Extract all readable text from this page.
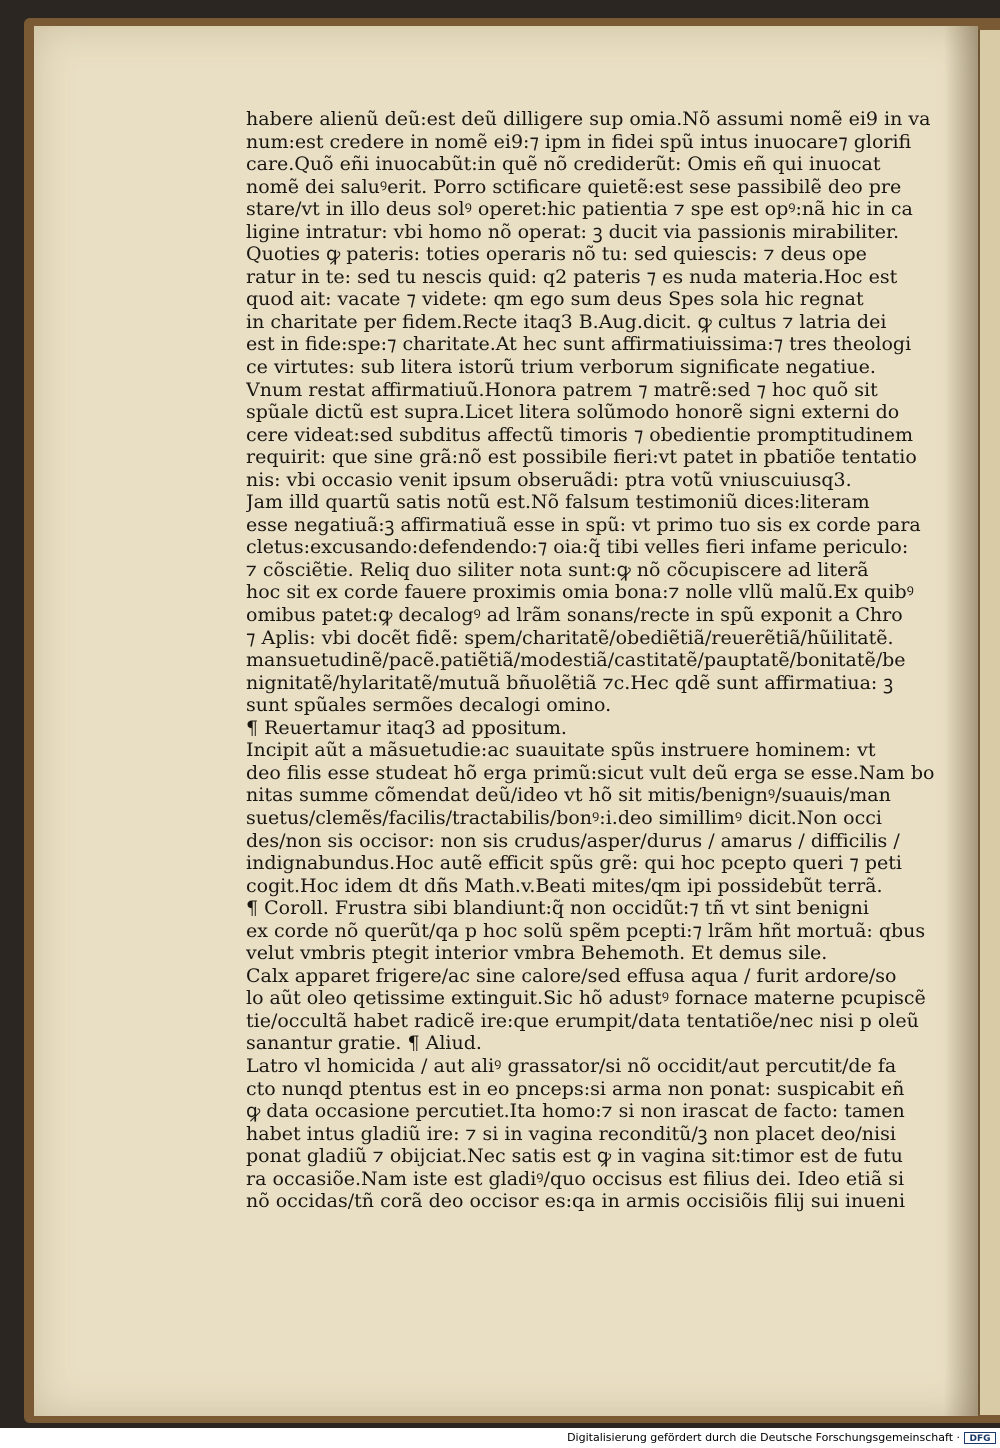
habere alienũ deũ:est deũ dilligere sup omia.Nõ assumi nomẽ ei9 in va
num:est credere in nomẽ ei9:⁊ ipm in fidei spũ intus inuocare⁊ glorifi
care.Quõ eñi inuocabũt:in quẽ nõ crediderũt: Omis eñ qui inuocat
nomẽ dei saluꝰerit. Porro sctificare quietẽ:est sese passibilẽ deo pre
stare/vt in illo deus solꝰ operet:hic patientia ⁊ spe est opꝰ:nã hic in ca
ligine intratur: vbi homo nõ operat: ꝫ ducit via passionis mirabiliter.
Quoties ꝙ pateris: toties operaris nõ tu: sed quiescis: ⁊ deus ope
ratur in te: sed tu nescis quid: q2 pateris ⁊ es nuda materia.Hoc est
quod ait: vacate ⁊ videte: qm ego sum deus Spes sola hic regnat
in charitate per fidem.Recte itaq3 B.Aug.dicit. ꝙ cultus ⁊ latria dei
est in fide:spe:⁊ charitate.At hec sunt affirmatiuissima:⁊ tres theologi
ce virtutes: sub litera istorũ trium verborum significate negatiue.
Vnum restat affirmatiuũ.Honora patrem ⁊ matrẽ:sed ⁊ hoc quõ sit
spũale dictũ est supra.Licet litera solũmodo honorẽ signi externi do
cere videat:sed subditus affectũ timoris ⁊ obedientie promptitudinem
requirit: que sine grã:nõ est possibile fieri:vt patet in pbatiõe tentatio
nis: vbi occasio venit ipsum obseruãdi: ptra votũ vniuscuiusq3.
Jam illd quartũ satis notũ est.Nõ falsum testimoniũ dices:literam
esse negatiuã:ꝫ affirmatiuã esse in spũ: vt primo tuo sis ex corde para
cletus:excusando:defendendo:⁊ oia:q̃ tibi velles fieri infame periculo:
⁊ cõsciẽtie. Reliq duo siliter nota sunt:ꝙ nõ cõcupiscere ad literã
hoc sit ex corde fauere proximis omia bona:⁊ nolle vllũ malũ.Ex quibꝰ
omibus patet:ꝙ decalogꝰ ad lrãm sonans/recte in spũ exponit a Chro
⁊ Aplis: vbi docẽt fidẽ: spem/charitatẽ/obediẽtiã/reuerẽtiã/hũilitatẽ.
mansuetudinẽ/pacẽ.patiẽtiã/modestiã/castitatẽ/pauptatẽ/bonitatẽ/be
nignitatẽ/hylaritatẽ/mutuã bñuolẽtiã ⁊c.Hec qdẽ sunt affirmatiua: ꝫ
sunt spũales sermões decalogi omino.
¶ Reuertamur itaq3 ad ppositum.
Incipit aũt a mãsuetudie:ac suauitate spũs instruere hominem: vt
deo filis esse studeat hõ erga primũ:sicut vult deũ erga se esse.Nam bo
nitas summe cõmendat deũ/ideo vt hõ sit mitis/benignꝰ/suauis/man
suetus/clemẽs/facilis/tractabilis/bonꝰ:i.deo simillimꝰ dicit.Non occi
des/non sis occisor: non sis crudus/asper/durus / amarus / difficilis /
indignabundus.Hoc autẽ efficit spũs grẽ: qui hoc pcepto queri ⁊ peti
cogit.Hoc idem dt dñs Math.v.Beati mites/qm ipi possidebũt terrã.
¶ Coroll. Frustra sibi blandiunt:q̃ non occidũt:⁊ tñ vt sint benigni
ex corde nõ querũt/qa p hoc solũ spẽm pcepti:⁊ lrãm hñt mortuã: qbus
velut vmbris ptegit interior vmbra Behemoth. Et demus sile.
Calx apparet frigere/ac sine calore/sed effusa aqua / furit ardore/so
lo aũt oleo qetissime extinguit.Sic hõ adustꝰ fornace materne pcupiscẽ
tie/occultã habet radicẽ ire:que erumpit/data tentatiõe/nec nisi p oleũ
sanantur gratie. ¶ Aliud.
Latro vl homicida / aut aliꝰ grassator/si nõ occidit/aut percutit/de fa
cto nunqd ptentus est in eo pnceps:si arma non ponat: suspicabit eñ
ꝙ data occasione percutiet.Ita homo:⁊ si non irascat de facto: tamen
habet intus gladiũ ire: ⁊ si in vagina reconditũ/ꝫ non placet deo/nisi
ponat gladiũ ⁊ obijciat.Nec satis est ꝙ in vagina sit:timor est de futu
ra occasiõe.Nam iste est gladiꝰ/quo occisus est filius dei. Ideo etiã si
nõ occidas/tñ corã deo occisor es:qa in armis occisiõis filij sui inueni
Digitalisierung gefördert durch die Deutsche Forschungsgemeinschaft ·	DFG
